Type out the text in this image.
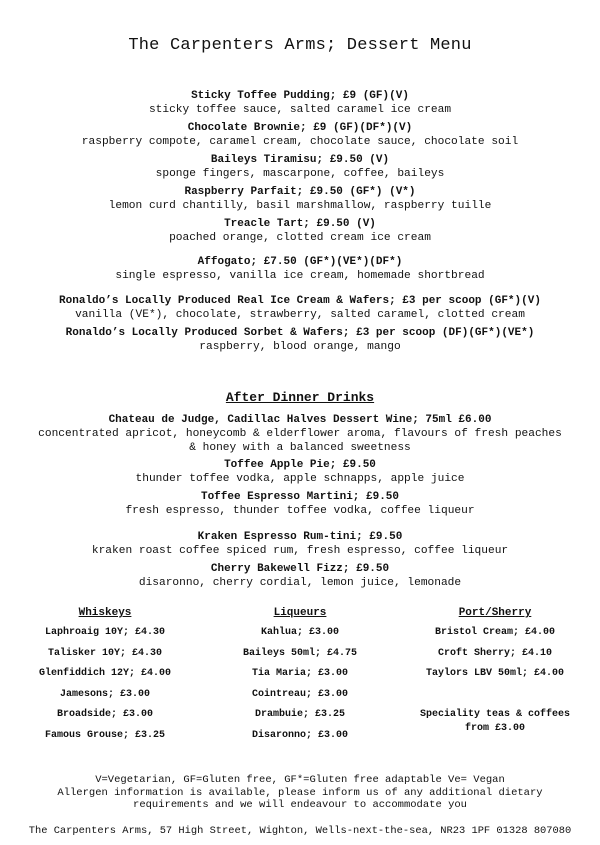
The Carpenters Arms; Dessert Menu
Sticky Toffee Pudding; £9 (GF)(V)
sticky toffee sauce, salted caramel ice cream
Chocolate Brownie; £9 (GF)(DF*)(V)
raspberry compote, caramel cream, chocolate sauce, chocolate soil
Baileys Tiramisu; £9.50 (V)
sponge fingers, mascarpone, coffee, baileys
Raspberry Parfait; £9.50 (GF*) (V*)
lemon curd chantilly, basil marshmallow, raspberry tuille
Treacle Tart; £9.50 (V)
poached orange, clotted cream ice cream
Affogato; £7.50 (GF*)(VE*)(DF*)
single espresso, vanilla ice cream, homemade shortbread
Ronaldo’s Locally Produced Real Ice Cream & Wafers; £3 per scoop (GF*)(V)
vanilla (VE*), chocolate, strawberry, salted caramel, clotted cream
Ronaldo’s Locally Produced Sorbet & Wafers; £3 per scoop (DF)(GF*)(VE*)
raspberry, blood orange, mango
After Dinner Drinks
Chateau de Judge, Cadillac Halves Dessert Wine; 75ml £6.00
concentrated apricot, honeycomb & elderflower aroma, flavours of fresh peaches
& honey with a balanced sweetness
Toffee Apple Pie; £9.50
thunder toffee vodka, apple schnapps, apple juice
Toffee Espresso Martini; £9.50
fresh espresso, thunder toffee vodka, coffee liqueur
Kraken Espresso Rum-tini; £9.50
kraken roast coffee spiced rum, fresh espresso, coffee liqueur
Cherry Bakewell Fizz; £9.50
disaronno, cherry cordial, lemon juice, lemonade
Whiskeys
Laphroaig 10Y; £4.30
Talisker 10Y; £4.30
Glenfiddich 12Y; £4.00
Jamesons; £3.00
Broadside; £3.00
Famous Grouse; £3.25
Liqueurs
Kahlua; £3.00
Baileys 50ml; £4.75
Tia Maria; £3.00
Cointreau; £3.00
Drambuie; £3.25
Disaronno; £3.00
Port/Sherry
Bristol Cream; £4.00
Croft Sherry; £4.10
Taylors LBV 50ml; £4.00
Speciality teas & coffees
from £3.00
V=Vegetarian, GF=Gluten free, GF*=Gluten free adaptable Ve= Vegan
Allergen information is available, please inform us of any additional dietary
requirements and we will endeavour to accommodate you
The Carpenters Arms, 57 High Street, Wighton, Wells-next-the-sea, NR23 1PF 01328 807080
